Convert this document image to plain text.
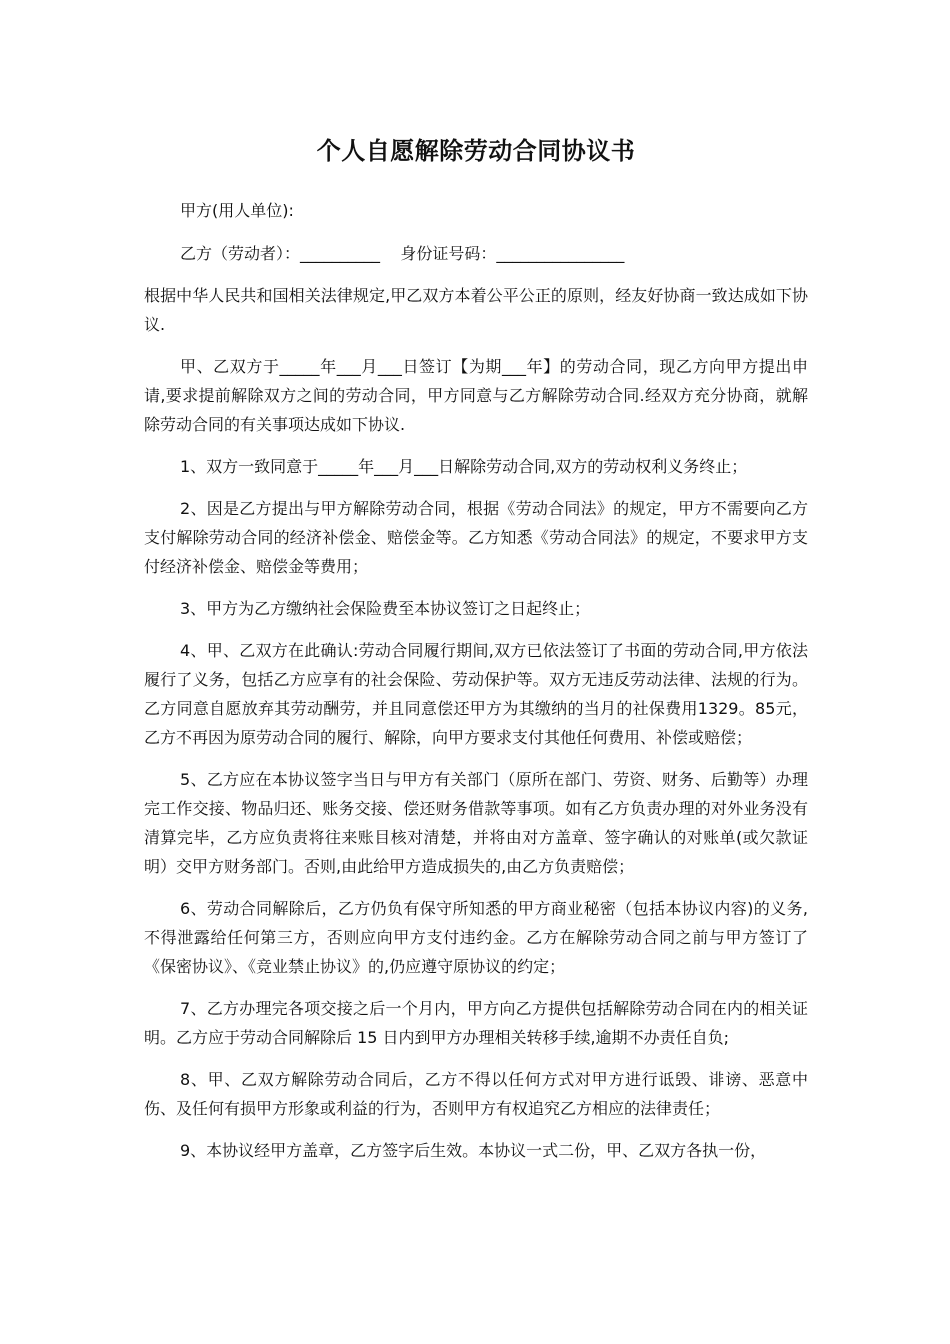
个人自愿解除劳动合同协议书

甲方(用人单位):

乙方（劳动者）：__________    身份证号码：________________

根据中华人民共和国相关法律规定,甲乙双方本着公平公正的原则，经友好协商一致达成如下协议.

甲、乙双方于_____年___月___日签订【为期___年】的劳动合同，现乙方向甲方提出申请,要求提前解除双方之间的劳动合同，甲方同意与乙方解除劳动合同.经双方充分协商，就解除劳动合同的有关事项达成如下协议.

1、双方一致同意于_____年___月___日解除劳动合同,双方的劳动权利义务终止；

2、因是乙方提出与甲方解除劳动合同，根据《劳动合同法》的规定，甲方不需要向乙方支付解除劳动合同的经济补偿金、赔偿金等。乙方知悉《劳动合同法》的规定，不要求甲方支付经济补偿金、赔偿金等费用；

3、甲方为乙方缴纳社会保险费至本协议签订之日起终止；

4、甲、乙双方在此确认:劳动合同履行期间,双方已依法签订了书面的劳动合同,甲方依法履行了义务，包括乙方应享有的社会保险、劳动保护等。双方无违反劳动法律、法规的行为。乙方同意自愿放弃其劳动酬劳，并且同意偿还甲方为其缴纳的当月的社保费用1329。85元，乙方不再因为原劳动合同的履行、解除，向甲方要求支付其他任何费用、补偿或赔偿；

5、乙方应在本协议签字当日与甲方有关部门（原所在部门、劳资、财务、后勤等）办理完工作交接、物品归还、账务交接、偿还财务借款等事项。如有乙方负责办理的对外业务没有清算完毕，乙方应负责将往来账目核对清楚，并将由对方盖章、签字确认的对账单(或欠款证明）交甲方财务部门。否则,由此给甲方造成损失的,由乙方负责赔偿；

6、劳动合同解除后，乙方仍负有保守所知悉的甲方商业秘密（包括本协议内容)的义务,不得泄露给任何第三方，否则应向甲方支付违约金。乙方在解除劳动合同之前与甲方签订了《保密协议》、《竞业禁止协议》的,仍应遵守原协议的约定；

7、乙方办理完各项交接之后一个月内，甲方向乙方提供包括解除劳动合同在内的相关证明。乙方应于劳动合同解除后 15 日内到甲方办理相关转移手续,逾期不办责任自负;

8、甲、乙双方解除劳动合同后，乙方不得以任何方式对甲方进行诋毁、诽谤、恶意中伤、及任何有损甲方形象或利益的行为，否则甲方有权追究乙方相应的法律责任；

9、本协议经甲方盖章，乙方签字后生效。本协议一式二份，甲、乙双方各执一份，
